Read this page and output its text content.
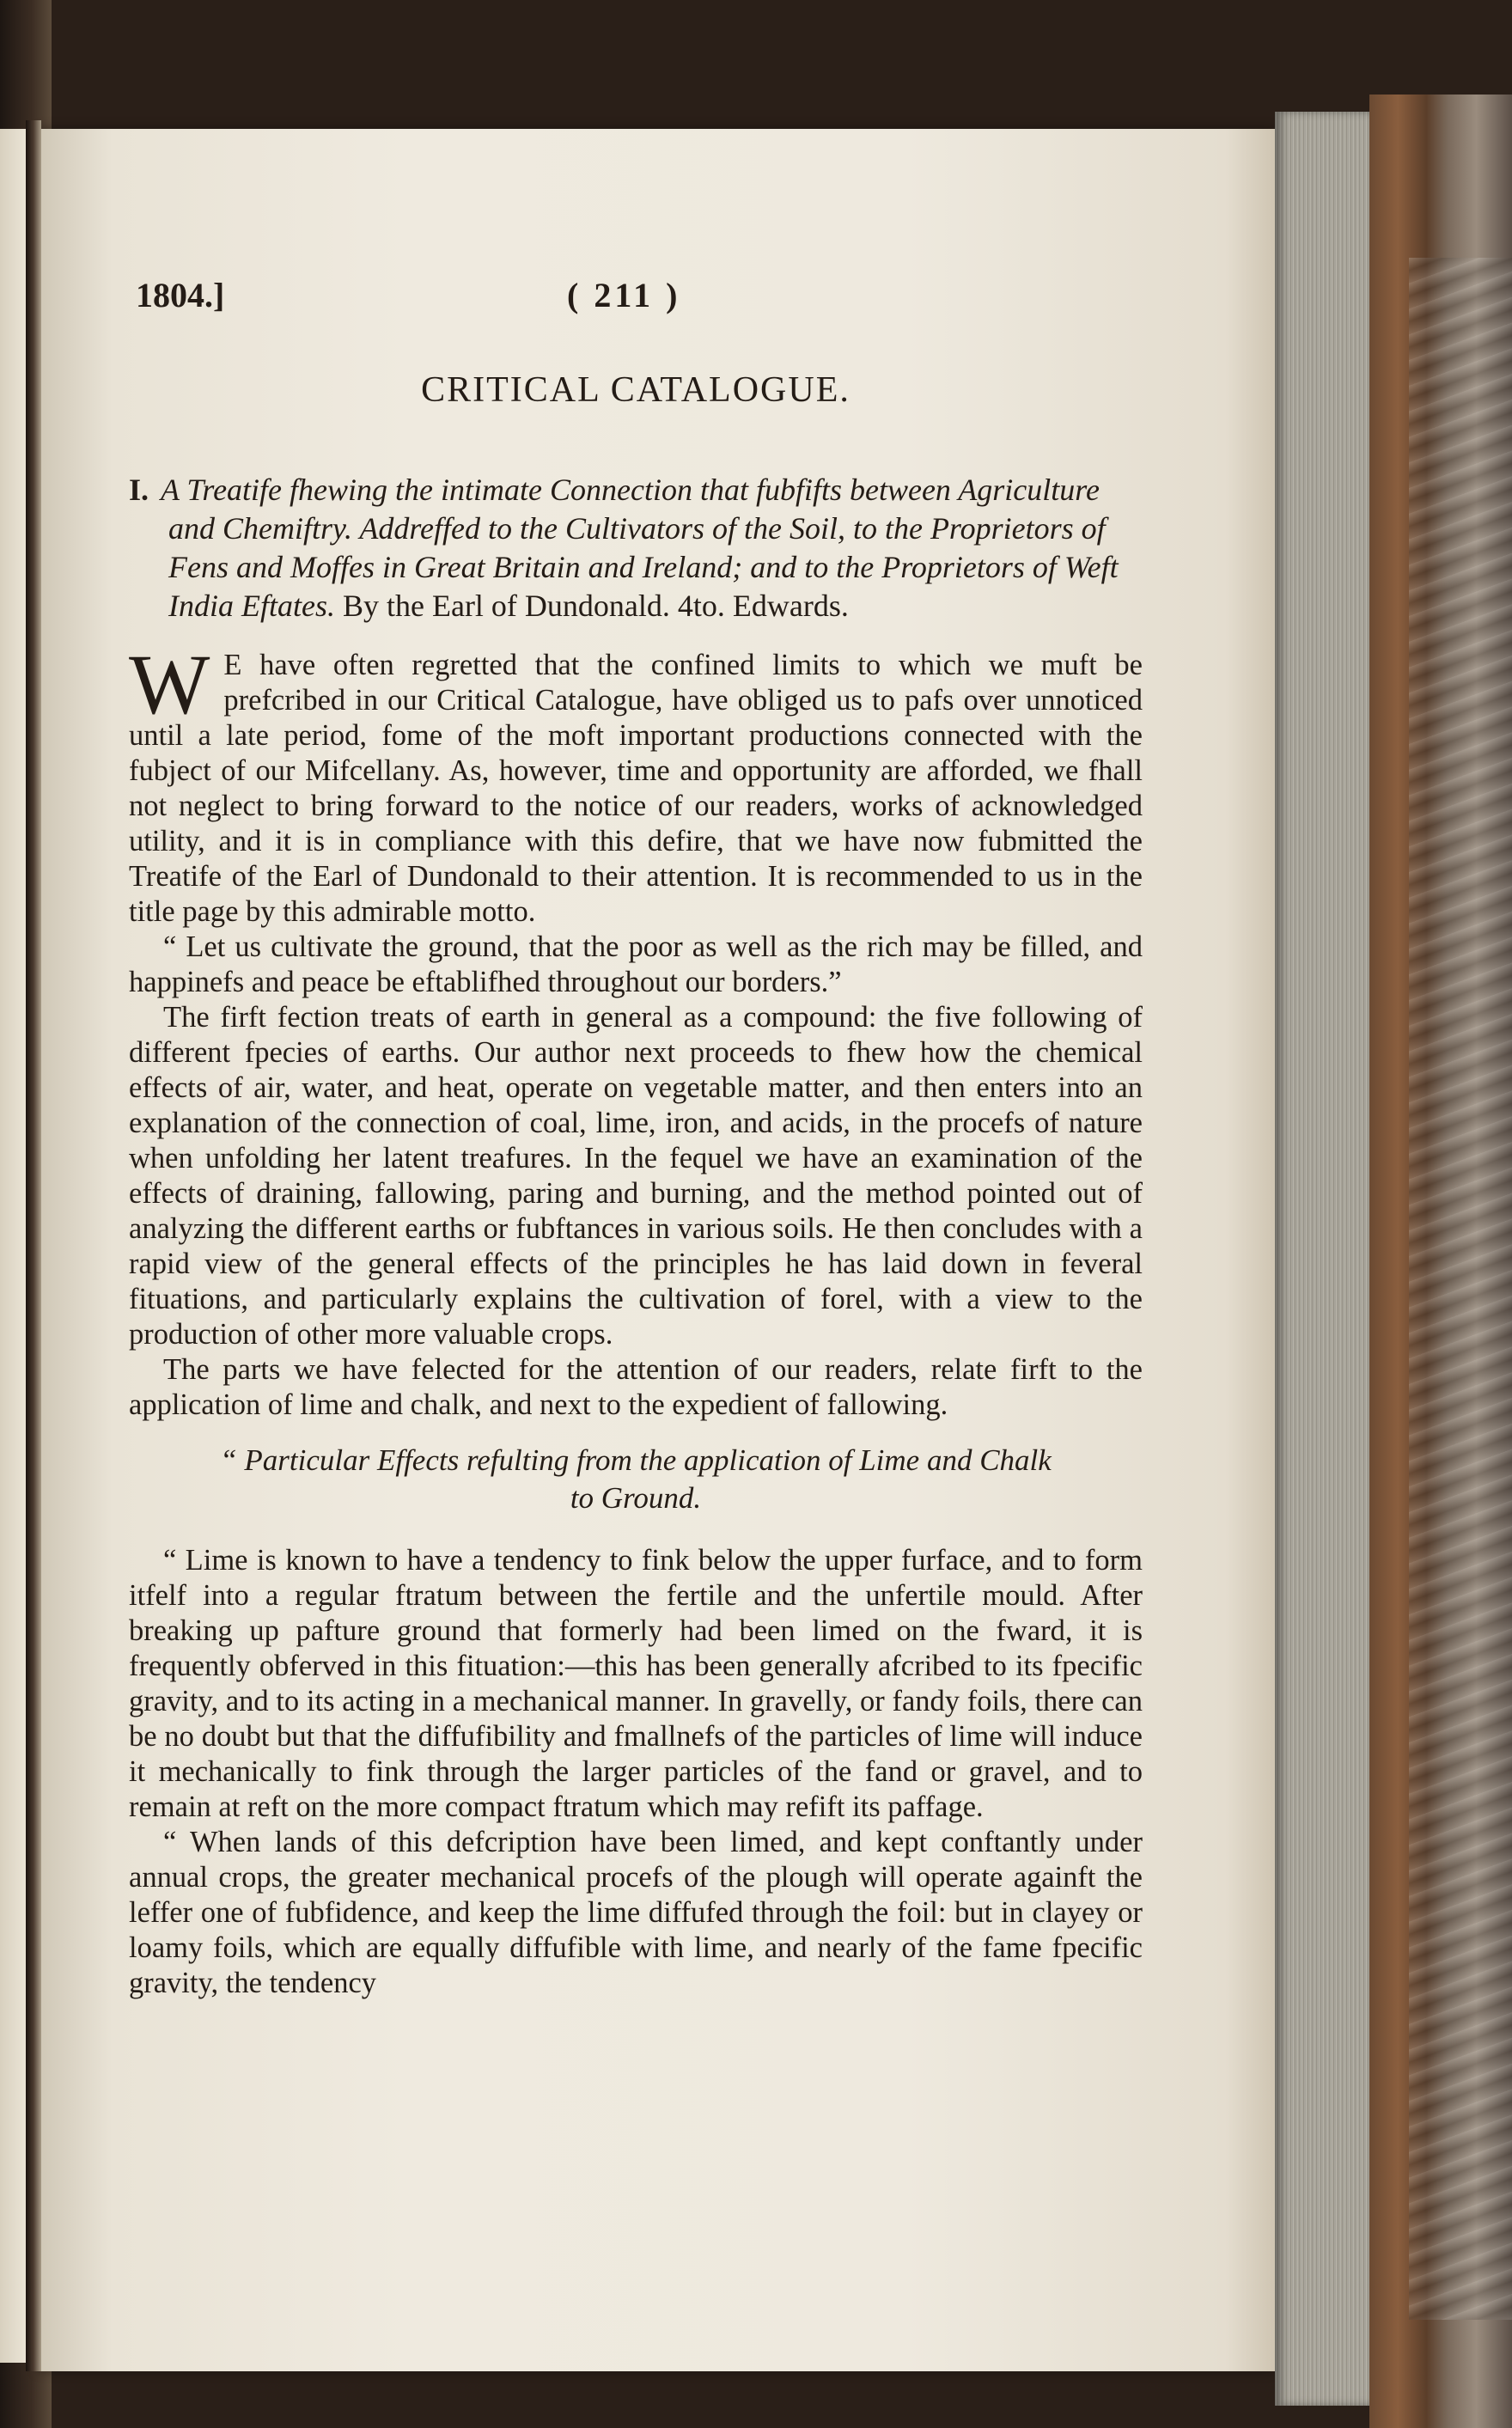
1804.]	( 211 )
CRITICAL CATALOGUE.

I. A Treatife fhewing the intimate Connection that fubfifts between Agriculture and Chemiftry. Addreffed to the Cultivators of the Soil, to the Proprietors of Fens and Moffes in Great Britain and Ireland; and to the Proprietors of Weft India Eftates. By the Earl of Dundonald. 4to. Edwards.

W E have often regretted that the confined limits to which we muft be prefcribed in our Critical Catalogue, have obliged us to pafs over unnoticed until a late period, fome of the moft important productions connected with the fubject of our Mifcellany. As, however, time and opportunity are afforded, we fhall not neglect to bring forward to the notice of our readers, works of acknowledged utility, and it is in compliance with this defire, that we have now fubmitted the Treatife of the Earl of Dundonald to their attention. It is recommended to us in the title page by this admirable motto.

“ Let us cultivate the ground, that the poor as well as the rich may be filled, and happinefs and peace be eftablifhed throughout our borders.”

The firft fection treats of earth in general as a compound: the five following of different fpecies of earths. Our author next proceeds to fhew how the chemical effects of air, water, and heat, operate on vegetable matter, and then enters into an explanation of the connection of coal, lime, iron, and acids, in the procefs of nature when unfolding her latent treafures. In the fequel we have an examination of the effects of draining, fallowing, paring and burning, and the method pointed out of analyzing the different earths or fubftances in various soils. He then concludes with a rapid view of the general effects of the principles he has laid down in feveral fituations, and particularly explains the cultivation of forel, with a view to the production of other more valuable crops.

The parts we have felected for the attention of our readers, relate firft to the application of lime and chalk, and next to the expedient of fallowing.

“ Particular Effects refulting from the application of Lime and Chalk
to Ground.

“ Lime is known to have a tendency to fink below the upper furface, and to form itfelf into a regular ftratum between the fertile and the unfertile mould. After breaking up pafture ground that formerly had been limed on the fward, it is frequently obferved in this fituation:—this has been generally afcribed to its fpecific gravity, and to its acting in a mechanical manner. In gravelly, or fandy foils, there can be no doubt but that the diffufibility and fmallnefs of the particles of lime will induce it mechanically to fink through the larger particles of the fand or gravel, and to remain at reft on the more compact ftratum which may refift its paffage.

“ When lands of this defcription have been limed, and kept conftantly under annual crops, the greater mechanical procefs of the plough will operate againft the leffer one of fubfidence, and keep the lime diffufed through the foil: but in clayey or loamy foils, which are equally diffufible with lime, and nearly of the fame fpecific gravity, the tendency
